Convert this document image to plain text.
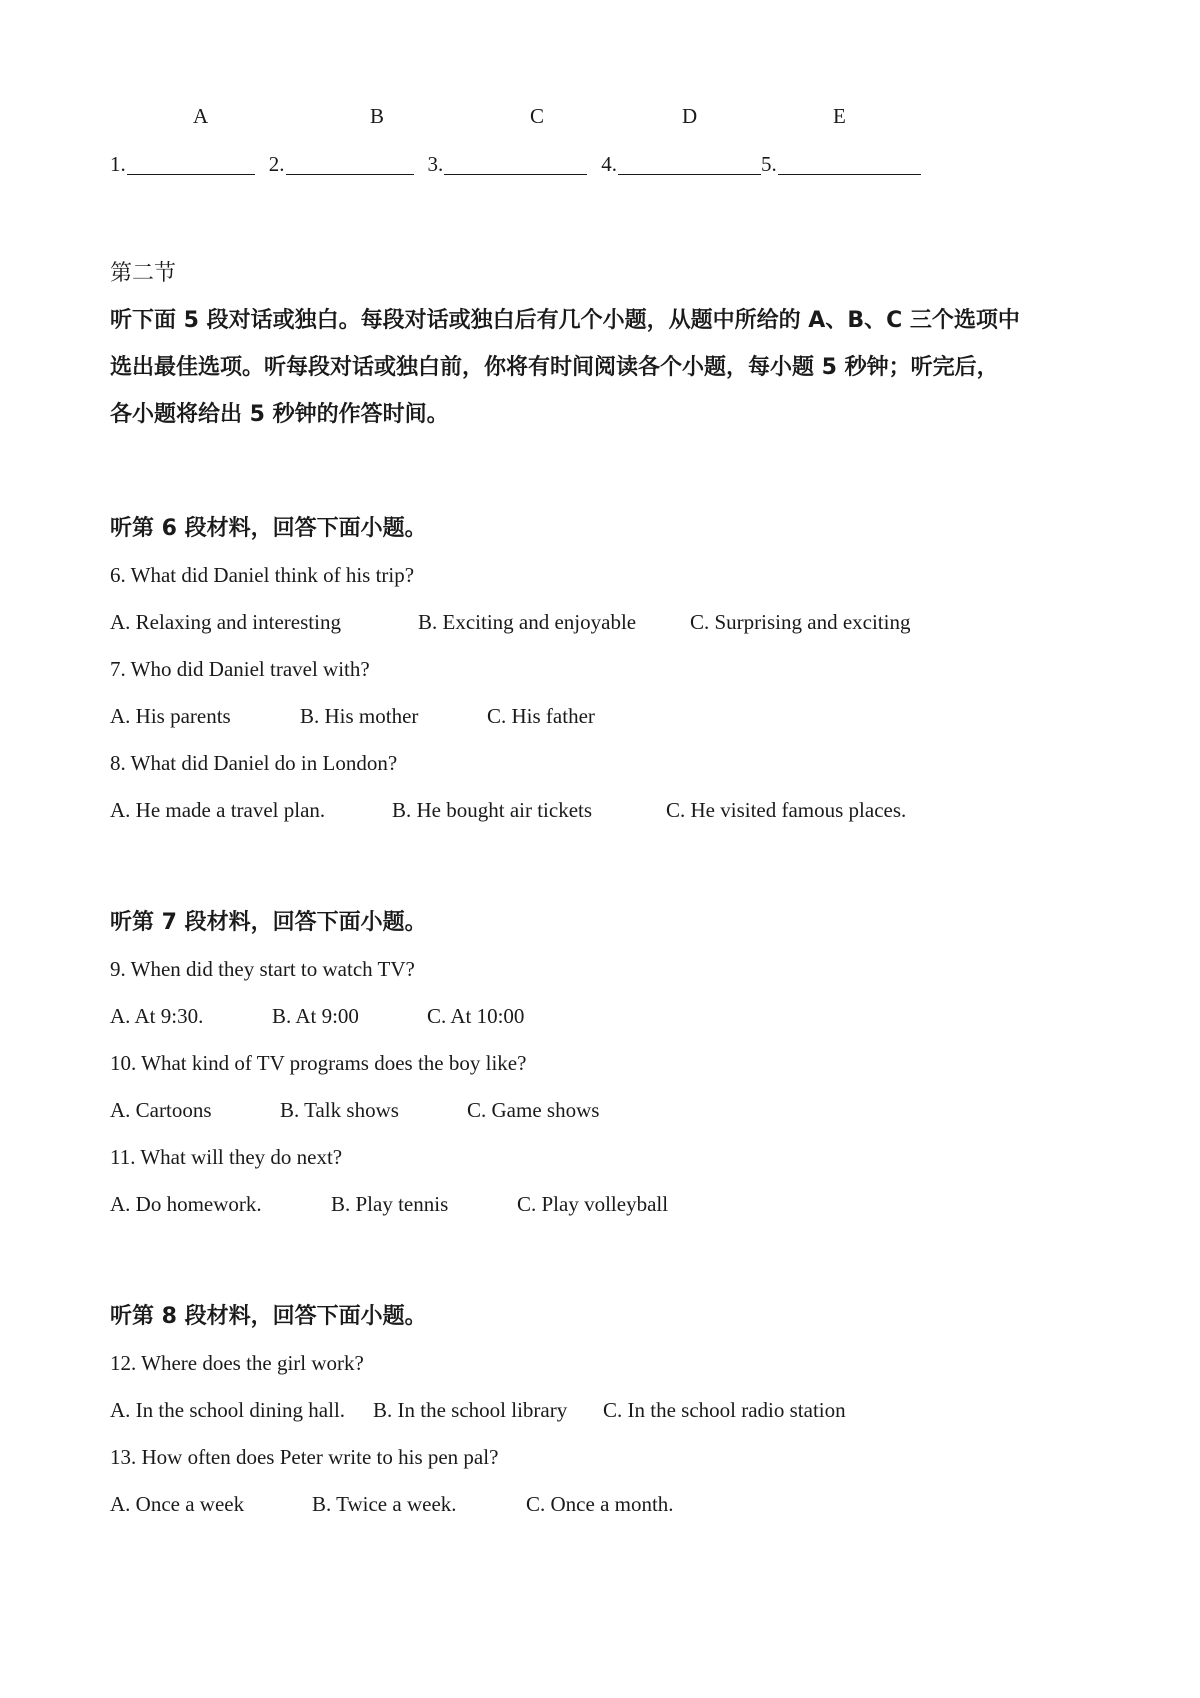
A	B	C	D	E
1.	2.	3.	4.	5.
第二节
听下面 5 段对话或独白。每段对话或独白后有几个小题，从题中所给的 A、B、C 三个选项中
选出最佳选项。听每段对话或独白前，你将有时间阅读各个小题，每小题 5 秒钟；听完后，
各小题将给出 5 秒钟的作答时间。
听第 6 段材料，回答下面小题。
6. What did Daniel think of his trip?
A. Relaxing and interesting	B. Exciting and enjoyable	C. Surprising and exciting
7. Who did Daniel travel with?
A. His parents	B. His mother	C. His father
8. What did Daniel do in London?
A. He made a travel plan.	B. He bought air tickets	C. He visited famous places.
听第 7 段材料，回答下面小题。
9. When did they start to watch TV?
A. At 9:30.	B. At 9:00	C. At 10:00
10. What kind of TV programs does the boy like?
A. Cartoons	B. Talk shows	C. Game shows
11. What will they do next?
A. Do homework.	B. Play tennis	C. Play volleyball
听第 8 段材料，回答下面小题。
12. Where does the girl work?
A. In the school dining hall.	B. In the school library	C. In the school radio station
13. How often does Peter write to his pen pal?
A. Once a week	B. Twice a week.	C. Once a month.
